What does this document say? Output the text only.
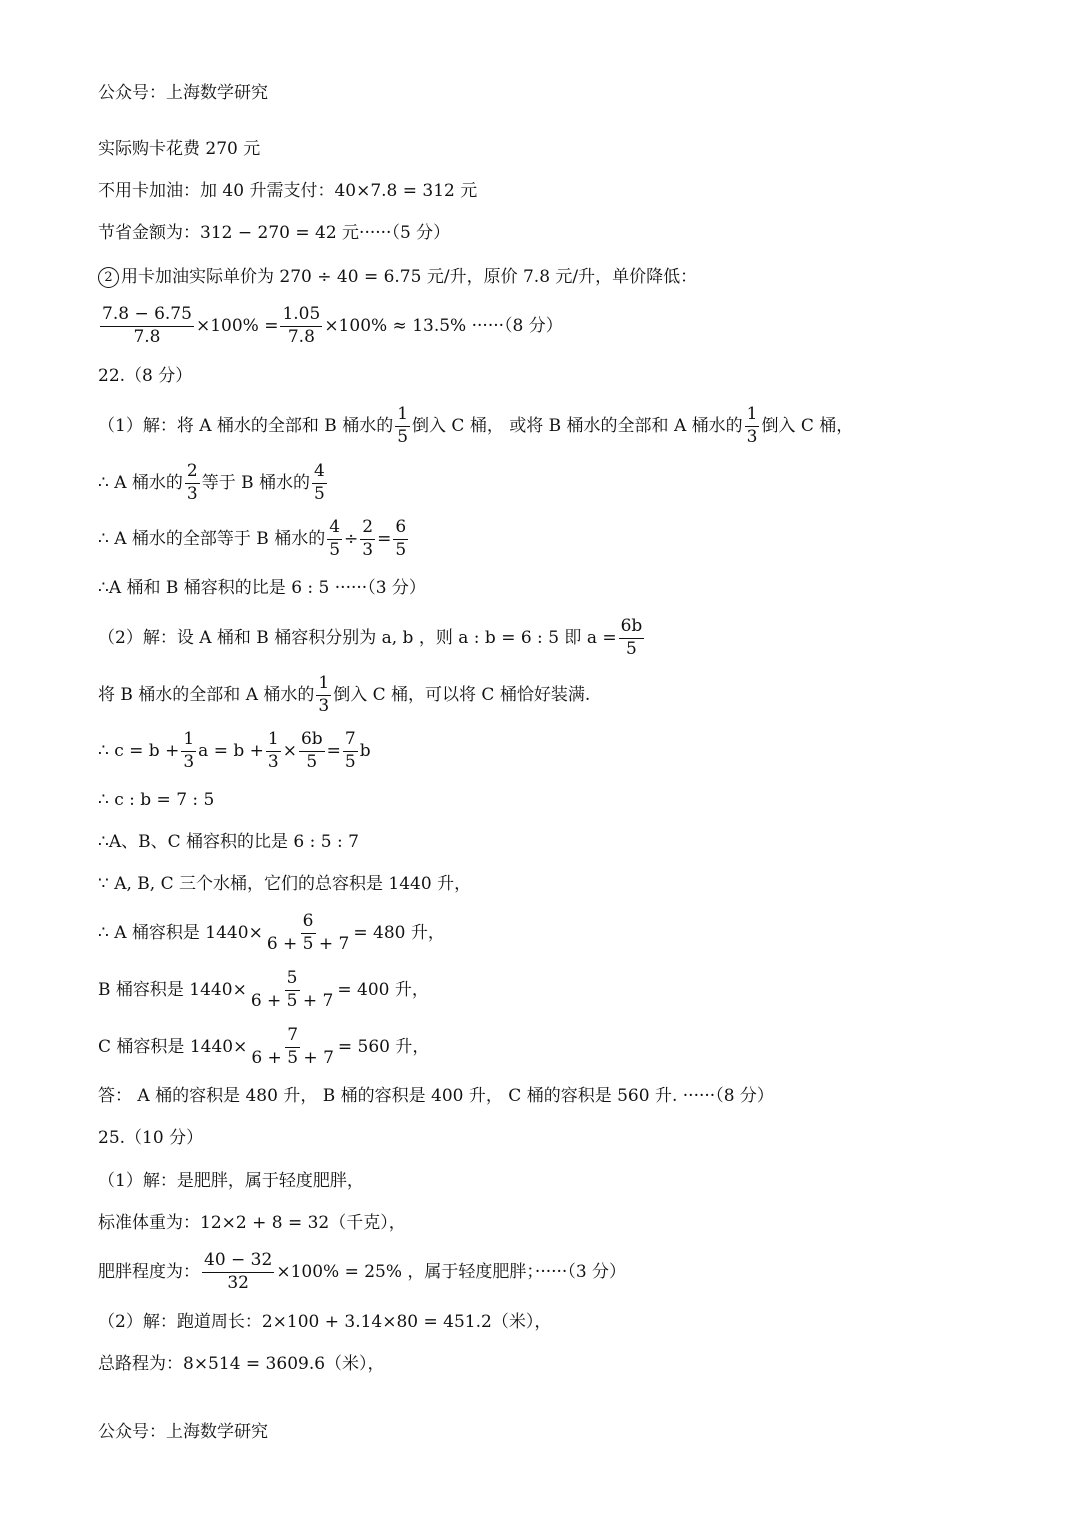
公众号：上海数学研究
实际购卡花费 270 元
不用卡加油：加 40 升需支付：40×7.8 = 312 元
节省金额为：312 − 270 = 42 元······（5 分）
2 用卡加油实际单价为 270 ÷ 40 = 6.75 元/升，原价 7.8 元/升，单价降低：
$\frac{7.8 - 6.75}{7.8} \times 100\% = \frac{1.05}{7.8} \times 100\% \approx 13.5\% \cdot\cdot\cdot\cdot\cdot\cdot(8$ 分）
22.（8 分）
（1）解：将 A 桶水的全部和 B 桶水的 $\frac{1}{5}$ 倒入 C 桶， 或将 B 桶水的全部和 A 桶水的 $\frac{1}{3}$ 倒入 C 桶，
∴ A 桶水的 $\frac{2}{3}$ 等于 B 桶水的 $\frac{4}{5}$
∴ A 桶水的全部等于 B 桶水的 $\frac{4}{5} \div \frac{2}{3} = \frac{6}{5}$
∴A 桶和 B 桶容积的比是 6 : 5 ······（3 分）
（2）解：设 A 桶和 B 桶容积分别为 a, b ，则 a : b = 6 : 5 即 $a = \frac{6b}{5}$
将 B 桶水的全部和 A 桶水的 $\frac{1}{3}$ 倒入 C 桶，可以将 C 桶恰好装满.
∴ $c = b + \frac{1}{3}$ $a = b + \frac{1}{3} \times \frac{6b}{5} = \frac{7}{5}$ b
∴ c : b = 7 : 5
∴A、B、C 桶容积的比是 6 : 5 : 7
∵ A, B, C 三个水桶，它们的总容积是 1440 升，
∴ A 桶容积是 $1440\times \frac{6}{6 + 5 + 7} = 480$ 升，
B 桶容积是 $1440\times \frac{5}{6 + 5 + 7} = 400$ 升，
C 桶容积是 $1440\times \frac{7}{6 + 5 + 7} = 560$ 升，
答： A 桶的容积是 480 升， B 桶的容积是 400 升， C 桶的容积是 560 升. ······（8 分）
25.（10 分）
（1）解：是肥胖，属于轻度肥胖，
标准体重为：12×2 + 8 = 32（千克），
肥胖程度为： $\frac{40 - 32}{32} \times 100\% = 25\%$ ，属于轻度肥胖；······（3 分）
（2）解：跑道周长：2×100 + 3.14×80 = 451.2（米），
总路程为：8×514 = 3609.6（米），
公众号：上海数学研究
